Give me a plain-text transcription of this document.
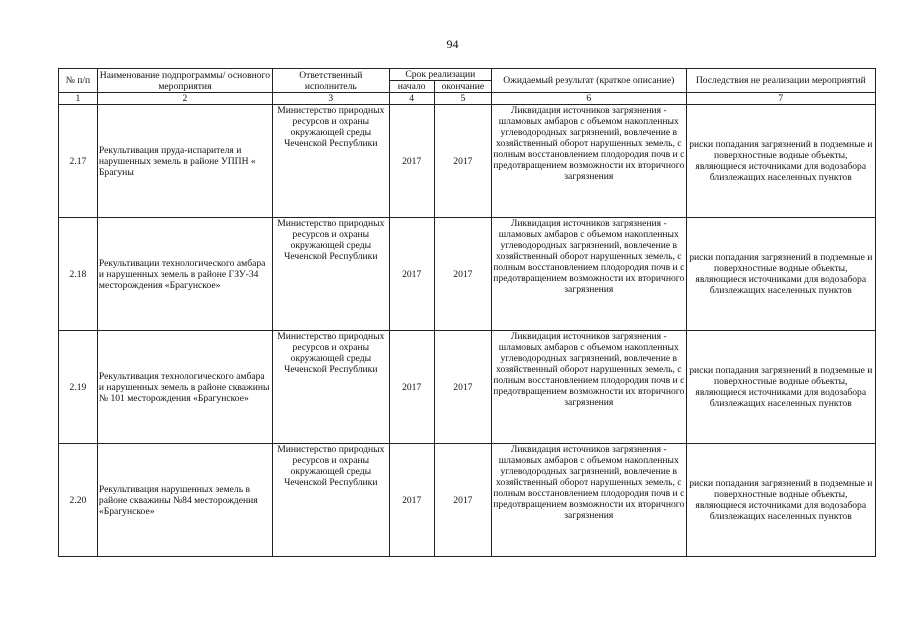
94
№ п/п	Наименование подпрограммы/ основного мероприятия	Ответственный исполнитель	Срок реализации		Ожидаемый результат (краткое описание)	Последствия не реализации мероприятий
			начало	окончание		
1	2	3	4	5	6	7
2.17	Рекультивация пруда-испарителя и нарушенных земель в районе УППН « Брагуны	Министерство природных ресурсов и охраны окружающей среды Чеченской Республики	2017	2017	Ликвидация источников загрязнения - шламовых амбаров с объемом накопленных углеводородных загрязнений, вовлечение в хозяйственный оборот нарушенных земель, с полным восстановлением плодородия почв и с предотвращением возможности их вторичного загрязнения	риски попадания загрязнений в подземные и поверхностные водные объекты, являющиеся источниками для водозабора близлежащих населенных пунктов
2.18	Рекультивации технологического амбара и нарушенных земель в районе ГЗУ-34 месторождения «Брагунское»	Министерство природных ресурсов и охраны окружающей среды Чеченской Республики	2017	2017	Ликвидация источников загрязнения - шламовых амбаров с объемом накопленных углеводородных загрязнений, вовлечение в хозяйственный оборот нарушенных земель, с полным восстановлением плодородия почв и с предотвращением возможности их вторичного загрязнения	риски попадания загрязнений в подземные и поверхностные водные объекты, являющиеся источниками для водозабора близлежащих населенных пунктов
2.19	Рекультивация технологического амбара и нарушенных земель в районе скважины № 101 месторождения «Брагунское»	Министерство природных ресурсов и охраны окружающей среды Чеченской Республики	2017	2017	Ликвидация источников загрязнения - шламовых амбаров с объемом накопленных углеводородных загрязнений, вовлечение в хозяйственный оборот нарушенных земель, с полным восстановлением плодородия почв и с предотвращением возможности их вторичного загрязнения	риски попадания загрязнений в подземные и поверхностные водные объекты, являющиеся источниками для водозабора близлежащих населенных пунктов
2.20	Рекультивация нарушенных земель в районе скважины №84 месторождения «Брагунское»	Министерство природных ресурсов и охраны окружающей среды Чеченской Республики	2017	2017	Ликвидация источников загрязнения - шламовых амбаров с объемом накопленных углеводородных загрязнений, вовлечение в хозяйственный оборот нарушенных земель, с полным восстановлением плодородия почв и с предотвращением возможности их вторичного загрязнения	риски попадания загрязнений в подземные и поверхностные водные объекты, являющиеся источниками для водозабора близлежащих населенных пунктов
